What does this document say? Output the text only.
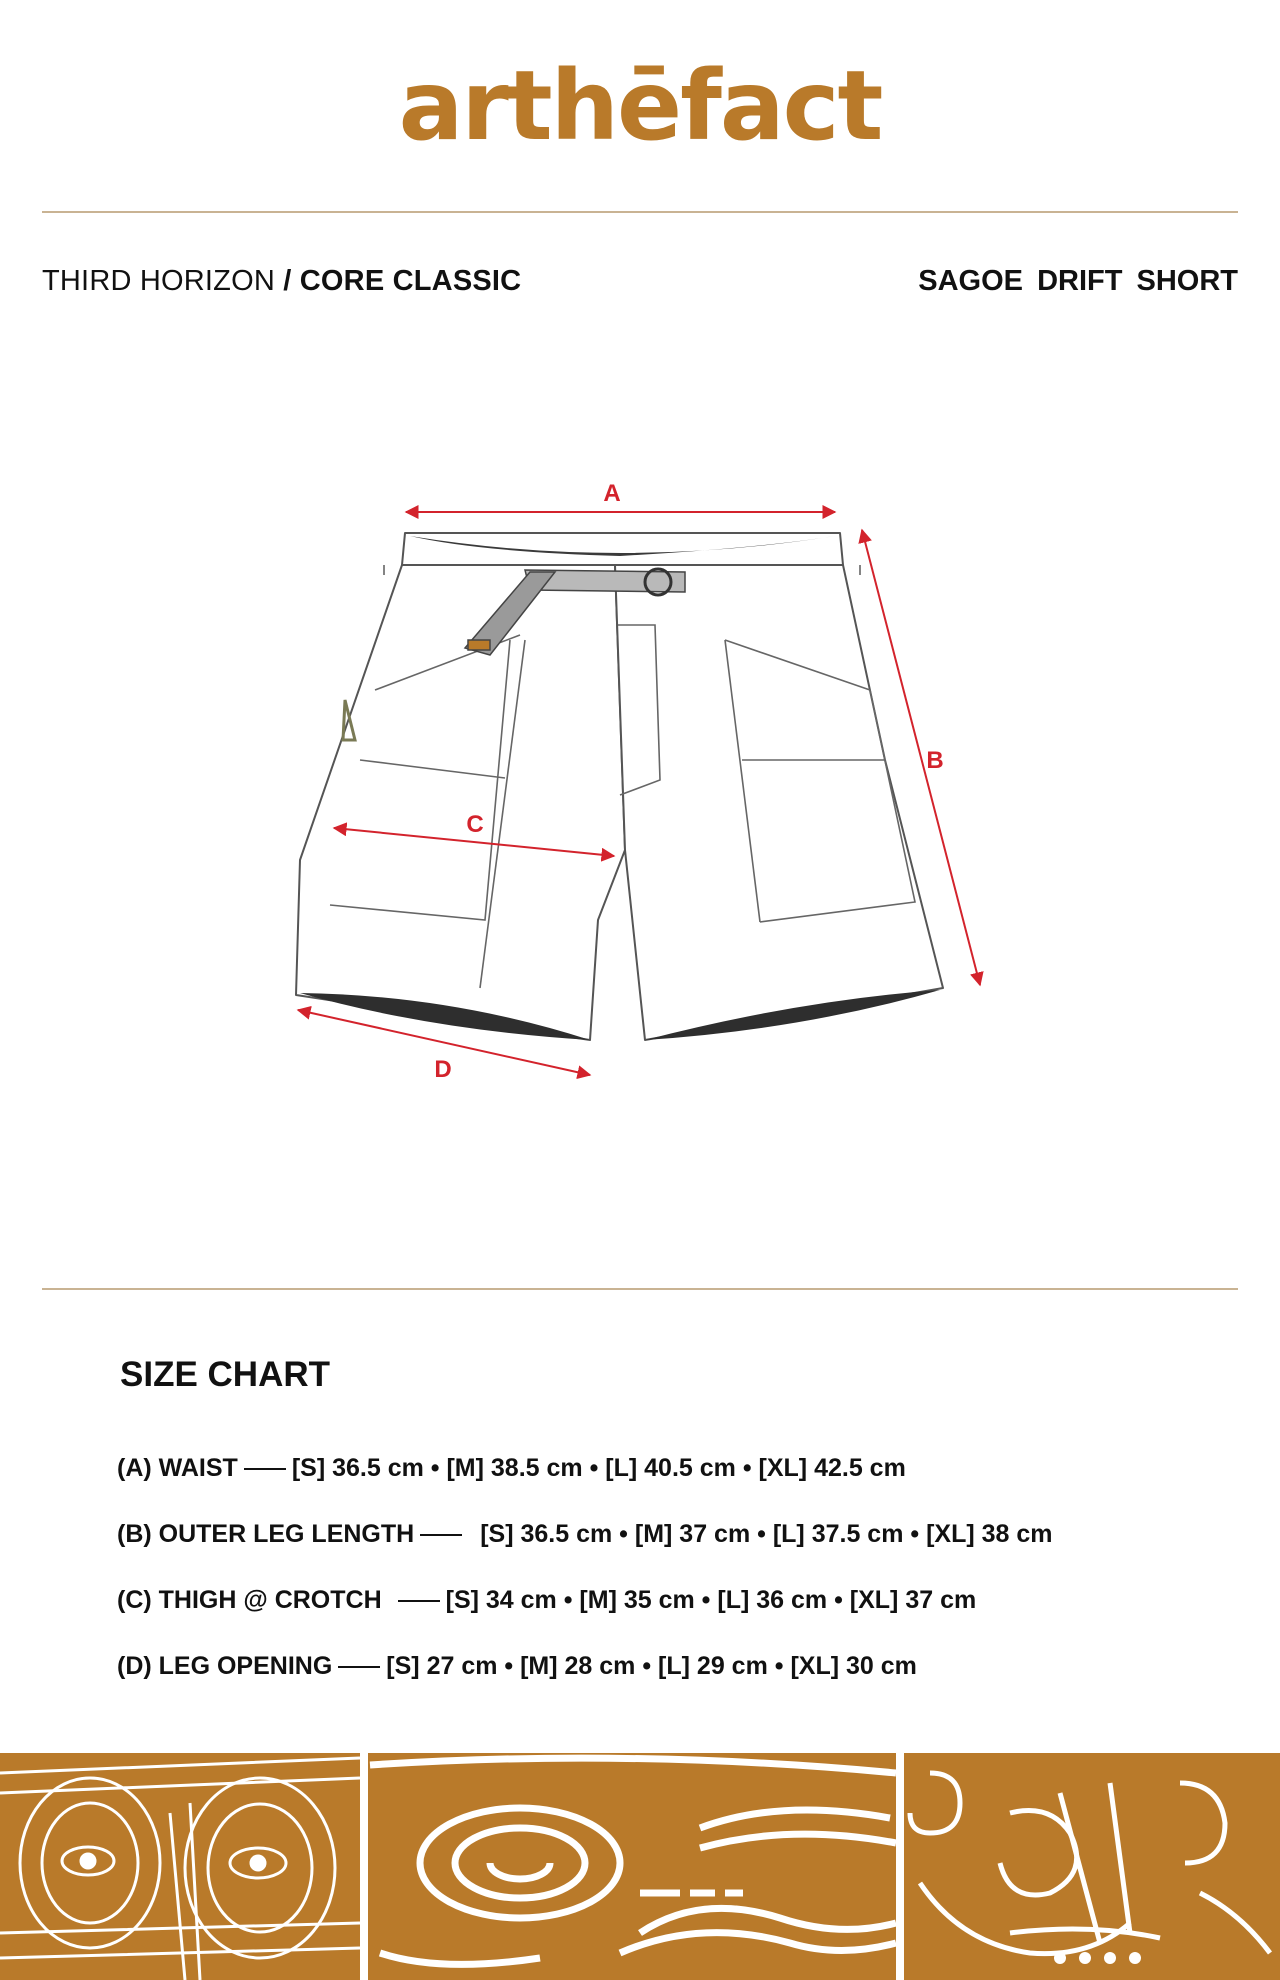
arthēfact
THIRD HORIZON / CORE CLASSIC	SAGOE DRIFT SHORT
A
B
C
D
SIZE CHART
(A) WAIST [S] 36.5 cm • [M] 38.5 cm • [L] 40.5 cm • [XL] 42.5 cm
(B) OUTER LEG LENGTH	[S] 36.5 cm • [M] 37 cm • [L] 37.5 cm • [XL] 38 cm
(C) THIGH @ CROTCH	[S] 34 cm • [M] 35 cm • [L] 36 cm • [XL] 37 cm
(D) LEG OPENING [S] 27 cm • [M] 28 cm • [L] 29 cm • [XL] 30 cm
